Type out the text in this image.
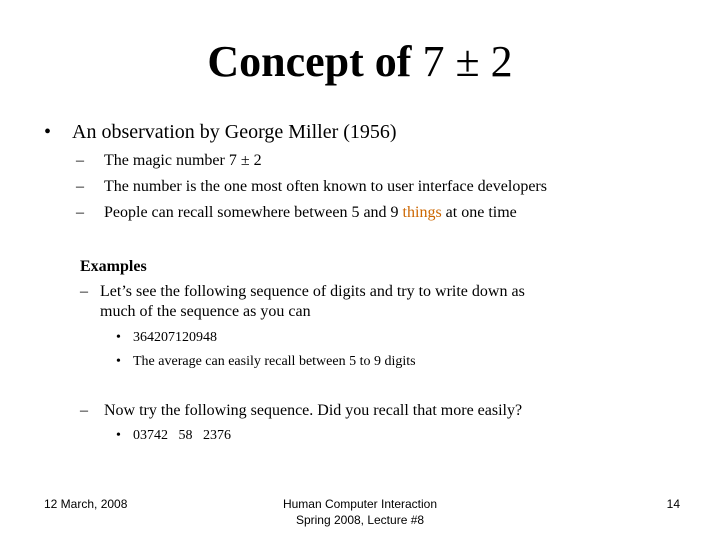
Concept of 7 ± 2
• An observation by George Miller (1956)
– The magic number 7 ± 2
– The number is the one most often known to user interface developers
– People can recall somewhere between 5 and 9 things at one time
Examples
– Let’s see the following sequence of digits and try to write down as
much of the sequence as you can
• 364207120948
• The average can easily recall between 5 to 9 digits
– Now try the following sequence. Did you recall that more easily?
• 03742   58   2376
12 March, 2008	Human Computer Interaction
Spring 2008, Lecture #8
14
